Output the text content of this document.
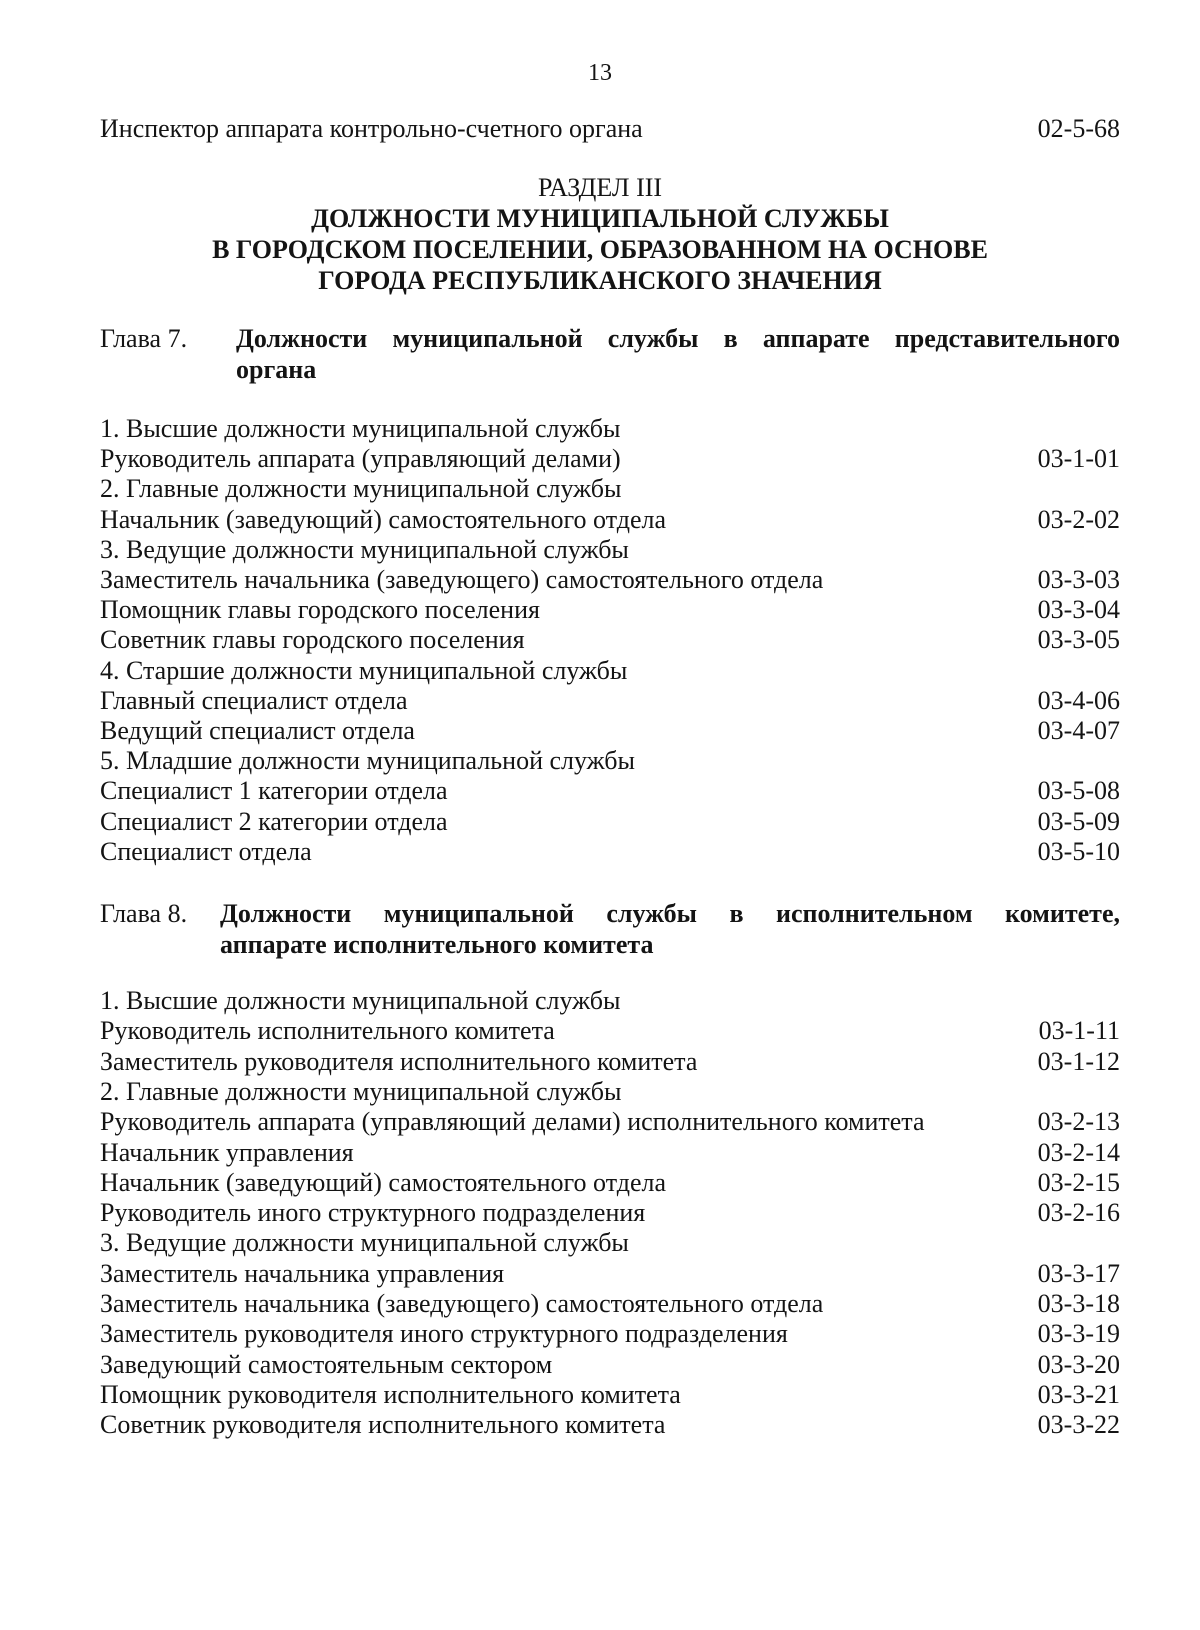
13
Инспектор аппарата контрольно-счетного органа	02-5-68
РАЗДЕЛ III
ДОЛЖНОСТИ МУНИЦИПАЛЬНОЙ СЛУЖБЫ
В ГОРОДСКОМ ПОСЕЛЕНИИ, ОБРАЗОВАННОМ НА ОСНОВЕ
ГОРОДА РЕСПУБЛИКАНСКОГО ЗНАЧЕНИЯ
Глава 7. Должности муниципальной службы в аппарате представительного
органа
1. Высшие должности муниципальной службы
Руководитель аппарата (управляющий делами)	03-1-01
2. Главные должности муниципальной службы
Начальник (заведующий) самостоятельного отдела	03-2-02
3. Ведущие должности муниципальной службы
Заместитель начальника (заведующего) самостоятельного отдела	03-3-03
Помощник главы городского поселения	03-3-04
Советник главы городского поселения	03-3-05
4. Старшие должности муниципальной службы
Главный специалист отдела	03-4-06
Ведущий специалист отдела	03-4-07
5. Младшие должности муниципальной службы
Специалист 1 категории отдела	03-5-08
Специалист 2 категории отдела	03-5-09
Специалист отдела	03-5-10
Глава 8. Должности муниципальной службы в исполнительном комитете,
аппарате исполнительного комитета
1. Высшие должности муниципальной службы
Руководитель исполнительного комитета	03-1-11
Заместитель руководителя исполнительного комитета	03-1-12
2. Главные должности муниципальной службы
Руководитель аппарата (управляющий делами) исполнительного комитета	03-2-13
Начальник управления	03-2-14
Начальник (заведующий) самостоятельного отдела	03-2-15
Руководитель иного структурного подразделения	03-2-16
3. Ведущие должности муниципальной службы
Заместитель начальника управления	03-3-17
Заместитель начальника (заведующего) самостоятельного отдела	03-3-18
Заместитель руководителя иного структурного подразделения	03-3-19
Заведующий самостоятельным сектором	03-3-20
Помощник руководителя исполнительного комитета	03-3-21
Советник руководителя исполнительного комитета	03-3-22
